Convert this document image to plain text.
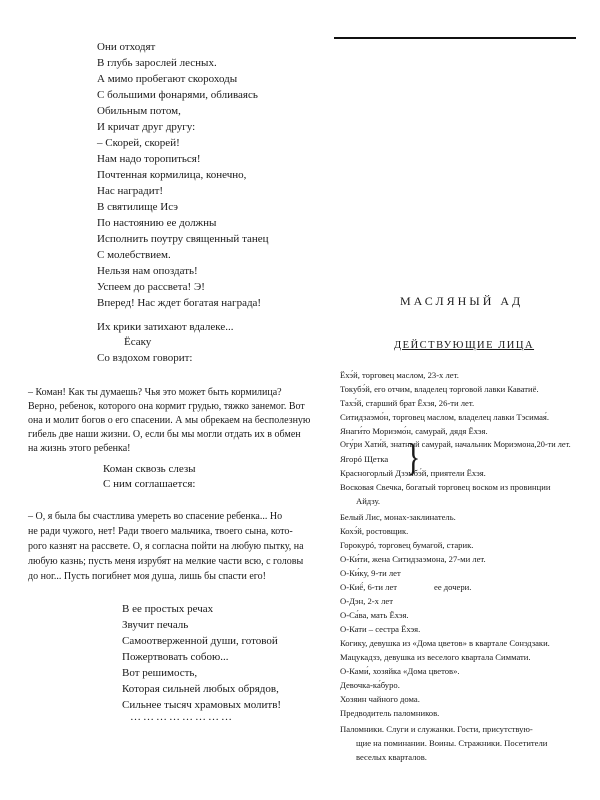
Они отходят
В глубь зарослей лесных.
А мимо пробегают скороходы
С большими фонарями, обливаясь
Обильным потом,
И кричат друг другу:
– Скорей, скорей!
Нам надо торопиться!
Почтенная кормилица, конечно,
Нас наградит!
В святилище Исэ
По настоянию ее должны
Исполнить поутру священный танец
С молебствием.
Нельзя нам опоздать!
Успеем до рассвета! Э!
Вперед! Нас ждет богатая награда!
Их крики затихают вдалеке...
Ёсаку
Со вздохом говорит:
– Коман! Как ты думаешь? Чья это может быть кормилица?
Верно, ребенок, которого она кормит грудью, тяжко занемог. Вот
она и молит богов о его спасении. А мы обрекаем на бесполезную
гибель две наши жизни. О, если бы мы могли отдать их в обмен
на жизнь этого ребенка!
Коман сквозь слезы
С ним соглашается:
– О, я была бы счастлива умереть во спасение ребенка... Но
не ради чужого, нет! Ради твоего мальчика, твоего сына, кото-
рого казнят на рассвете. О, я согласна пойти на любую пытку, на
любую казнь; пусть меня изрубят на мелкие части всю, с головы
до ног... Пусть погибнет моя душа, лишь бы спасти его!
В ее простых речах
Звучит печаль
Самоотверженной души, готовой
Пожертвовать собою...
Вот решимость,
Которая сильней любых обрядов,
Сильнее тысяч храмовых молитв!
……………………
МАСЛЯНЫЙ АД
ДЕЙСТВУЮЩИЕ ЛИЦА
Ёхэ́й, торговец маслом, 23-х лет.
Токубэ́й, его отчим, владелец торговой лавки Каватиё.
Тахэ́й, старший брат Ёхэя, 26-ти лет.
Ситидзаэмо́н, торговец маслом, владелец лавки Тэсимая́.
Янаги́то Мориэмо́н, самурай, дядя Ёхэя.
Огу́ри Хати́й, знатный самурай, начальник Мориэмона,20-ти лет.
Ягорó Щетка
Красногорлый Дзэмбэ́й, приятели Ёхэя.
Восковая Свечка, богатый торговец воском из провинции
Айдзу.
Белый Лис, монах-заклинатель.
Кохэ́й, ростовщик.
Горокурó, торговец бумагой, старик.
О-Ки́ти, жена Ситидзаэмона, 27-ми лет.
О-Ки́ку, 9-ти лет
О-Киё́, 6-ти лет
О-Дэн, 2-х лет
ее дочери.
О-Са́ва, мать Ёхэя.
О-Кати – сестра Ёхэя.
Когику, девушка из «Дома цветов» в квартале Сонэдзаки.
Мацукадзэ, девушка из веселого квартала Симмати.
О-Ками́, хозяйка «Дома цветов».
Девочка-ка́буро.
Хозяин чайного дома.
Предводитель паломников.
Паломники. Слуги и служанки. Гости, присутствую-
щие на поминании. Воины. Стражники. Посетители
веселых кварталов.
}
